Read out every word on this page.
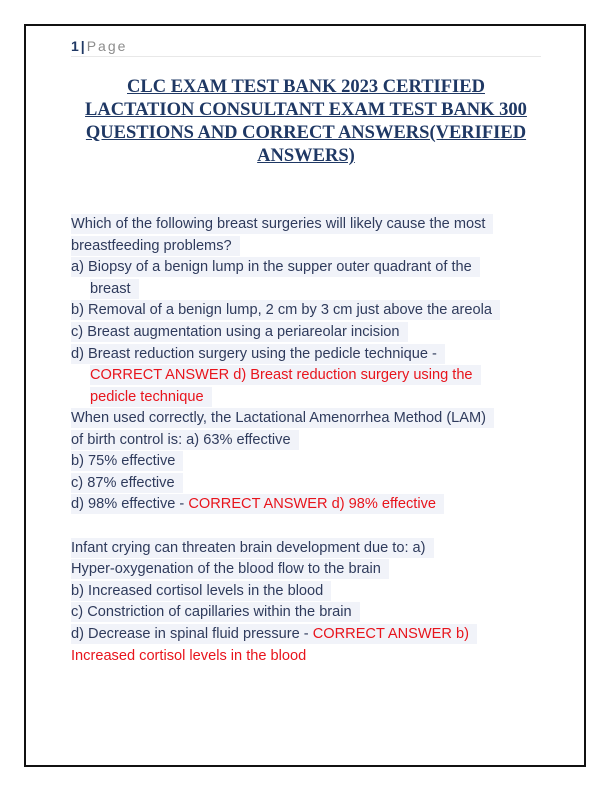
1 | Page
CLC EXAM TEST BANK 2023 CERTIFIED LACTATION CONSULTANT EXAM TEST BANK 300 QUESTIONS AND CORRECT ANSWERS(VERIFIED ANSWERS)
Which of the following breast surgeries will likely cause the most
breastfeeding problems?
a) Biopsy of a benign lump in the supper outer quadrant of the
breast
b) Removal of a benign lump, 2 cm by 3 cm just above the areola
c) Breast augmentation using a periareolar incision
d) Breast reduction surgery using the pedicle technique -
CORRECT ANSWER d) Breast reduction surgery using the
pedicle technique
When used correctly, the Lactational Amenorrhea Method (LAM)
of birth control is: a) 63% effective
b) 75% effective
c) 87% effective
d) 98% effective - CORRECT ANSWER d) 98% effective
Infant crying can threaten brain development due to: a)
Hyper-oxygenation of the blood flow to the brain
b) Increased cortisol levels in the blood
c) Constriction of capillaries within the brain
d) Decrease in spinal fluid pressure - CORRECT ANSWER b)
Increased cortisol levels in the blood
